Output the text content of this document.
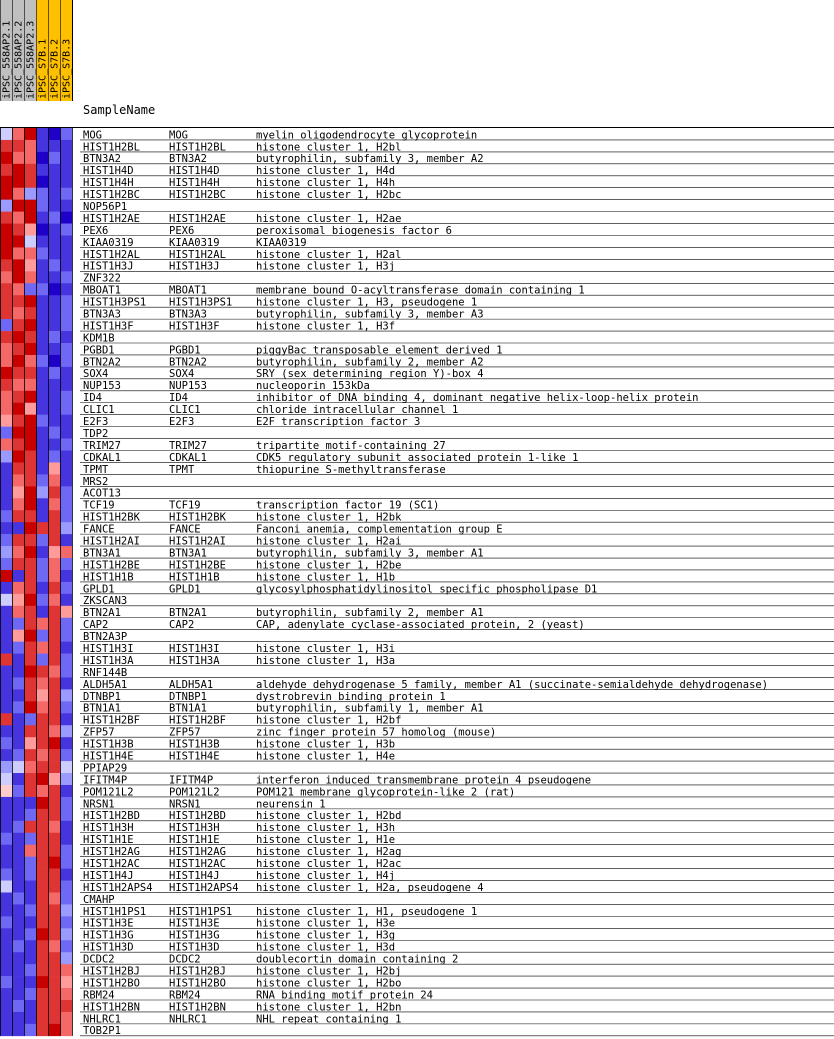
iPSC_558AP2.1 iPSC_558AP2.2 iPSC_558AP2.3 iPSC_S7B.1 iPSC_S7B.2 iPSC_S7B.3
SampleName
MOG	MOG	myelin oligodendrocyte glycoprotein
HIST1H2BL	HIST1H2BL	histone cluster 1, H2bl
BTN3A2	BTN3A2	butyrophilin, subfamily 3, member A2
HIST1H4D	HIST1H4D	histone cluster 1, H4d
HIST1H4H	HIST1H4H	histone cluster 1, H4h
HIST1H2BC	HIST1H2BC	histone cluster 1, H2bc
NOP56P1
HIST1H2AE	HIST1H2AE	histone cluster 1, H2ae
PEX6	PEX6	peroxisomal biogenesis factor 6
KIAA0319	KIAA0319	KIAA0319
HIST1H2AL	HIST1H2AL	histone cluster 1, H2al
HIST1H3J	HIST1H3J	histone cluster 1, H3j
ZNF322
MBOAT1	MBOAT1	membrane bound O-acyltransferase domain containing 1
HIST1H3PS1 HIST1H3PS1 histone cluster 1, H3, pseudogene 1
BTN3A3	BTN3A3	butyrophilin, subfamily 3, member A3
HIST1H3F	HIST1H3F	histone cluster 1, H3f
KDM1B
PGBD1	PGBD1	piggyBac transposable element derived 1
BTN2A2	BTN2A2	butyrophilin, subfamily 2, member A2
SOX4	SOX4	SRY (sex determining region Y)-box 4
NUP153	NUP153	nucleoporin 153kDa
ID4	ID4	inhibitor of DNA binding 4, dominant negative helix-loop-helix protein
CLIC1	CLIC1	chloride intracellular channel 1
E2F3	E2F3	E2F transcription factor 3
TDP2
TRIM27	TRIM27	tripartite motif-containing 27
CDKAL1	CDKAL1	CDK5 regulatory subunit associated protein 1-like 1
TPMT	TPMT	thiopurine S-methyltransferase
MRS2
ACOT13
TCF19	TCF19	transcription factor 19 (SC1)
HIST1H2BK	HIST1H2BK	histone cluster 1, H2bk
FANCE	FANCE	Fanconi anemia, complementation group E
HIST1H2AI	HIST1H2AI	histone cluster 1, H2ai
BTN3A1	BTN3A1	butyrophilin, subfamily 3, member A1
HIST1H2BE	HIST1H2BE	histone cluster 1, H2be
HIST1H1B	HIST1H1B	histone cluster 1, H1b
GPLD1	GPLD1	glycosylphosphatidylinositol specific phospholipase D1
ZKSCAN3
BTN2A1	BTN2A1	butyrophilin, subfamily 2, member A1
CAP2	CAP2	CAP, adenylate cyclase-associated protein, 2 (yeast)
BTN2A3P
HIST1H3I	HIST1H3I	histone cluster 1, H3i
HIST1H3A	HIST1H3A	histone cluster 1, H3a
RNF144B
ALDH5A1	ALDH5A1	aldehyde dehydrogenase 5 family, member A1 (succinate-semialdehyde dehydrogenase)
DTNBP1	DTNBP1	dystrobrevin binding protein 1
BTN1A1	BTN1A1	butyrophilin, subfamily 1, member A1
HIST1H2BF	HIST1H2BF	histone cluster 1, H2bf
ZFP57	ZFP57	zinc finger protein 57 homolog (mouse)
HIST1H3B	HIST1H3B	histone cluster 1, H3b
HIST1H4E	HIST1H4E	histone cluster 1, H4e
PPIAP29
IFITM4P	IFITM4P	interferon induced transmembrane protein 4 pseudogene
POM121L2	POM121L2	POM121 membrane glycoprotein-like 2 (rat)
NRSN1	NRSN1	neurensin 1
HIST1H2BD	HIST1H2BD	histone cluster 1, H2bd
HIST1H3H	HIST1H3H	histone cluster 1, H3h
HIST1H1E	HIST1H1E	histone cluster 1, H1e
HIST1H2AG	HIST1H2AG	histone cluster 1, H2ag
HIST1H2AC	HIST1H2AC	histone cluster 1, H2ac
HIST1H4J	HIST1H4J	histone cluster 1, H4j
HIST1H2APS4 HIST1H2APS4 histone cluster 1, H2a, pseudogene 4
CMAHP
HIST1H1PS1 HIST1H1PS1 histone cluster 1, H1, pseudogene 1
HIST1H3E	HIST1H3E	histone cluster 1, H3e
HIST1H3G	HIST1H3G	histone cluster 1, H3g
HIST1H3D	HIST1H3D	histone cluster 1, H3d
DCDC2	DCDC2	doublecortin domain containing 2
HIST1H2BJ	HIST1H2BJ	histone cluster 1, H2bj
HIST1H2BO	HIST1H2BO	histone cluster 1, H2bo
RBM24	RBM24	RNA binding motif protein 24
HIST1H2BN	HIST1H2BN	histone cluster 1, H2bn
NHLRC1	NHLRC1	NHL repeat containing 1
TOB2P1
